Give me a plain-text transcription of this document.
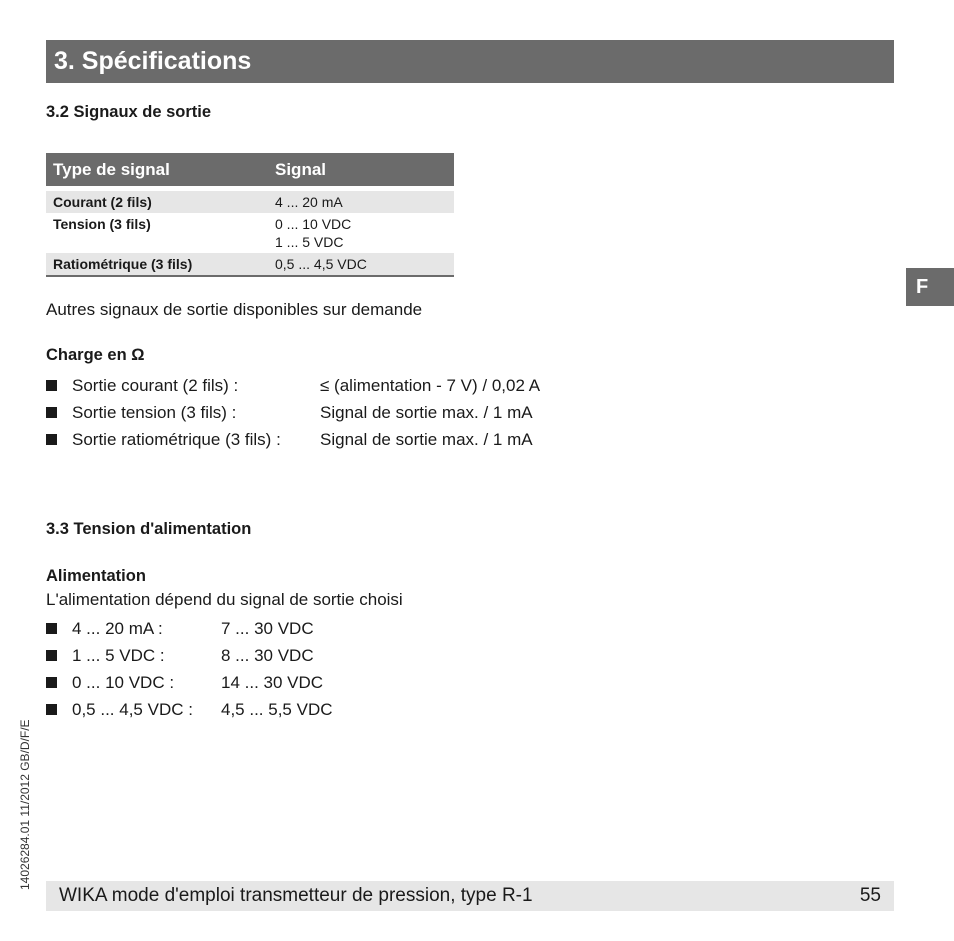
3. Spécifications
F
3.2 Signaux de sortie
Type de signal	Signal

Courant (2 fils)	4 ... 20 mA

Tension (3 fils)	0 ... 10 VDC
1 ... 5 VDC

Ratiométrique (3 fils)	0,5 ... 4,5 VDC
Autres signaux de sortie disponibles sur demande
Charge en Ω
Sortie courant (2 fils) :	≤ (alimentation - 7 V) / 0,02 A
Sortie tension (3 fils) :	Signal de sortie max. / 1 mA
Sortie ratiométrique (3 fils) :	Signal de sortie max. / 1 mA
3.3 Tension d'alimentation
Alimentation
L'alimentation dépend du signal de sortie choisi
4 ... 20 mA :	7 ... 30 VDC
1 ... 5 VDC :	8 ... 30 VDC
0 ... 10 VDC :	14 ... 30 VDC
0,5 ... 4,5 VDC :	4,5 ... 5,5 VDC
14026284.01 11/2012 GB/D/F/E
WIKA mode d'emploi transmetteur de pression, type R-1	55
